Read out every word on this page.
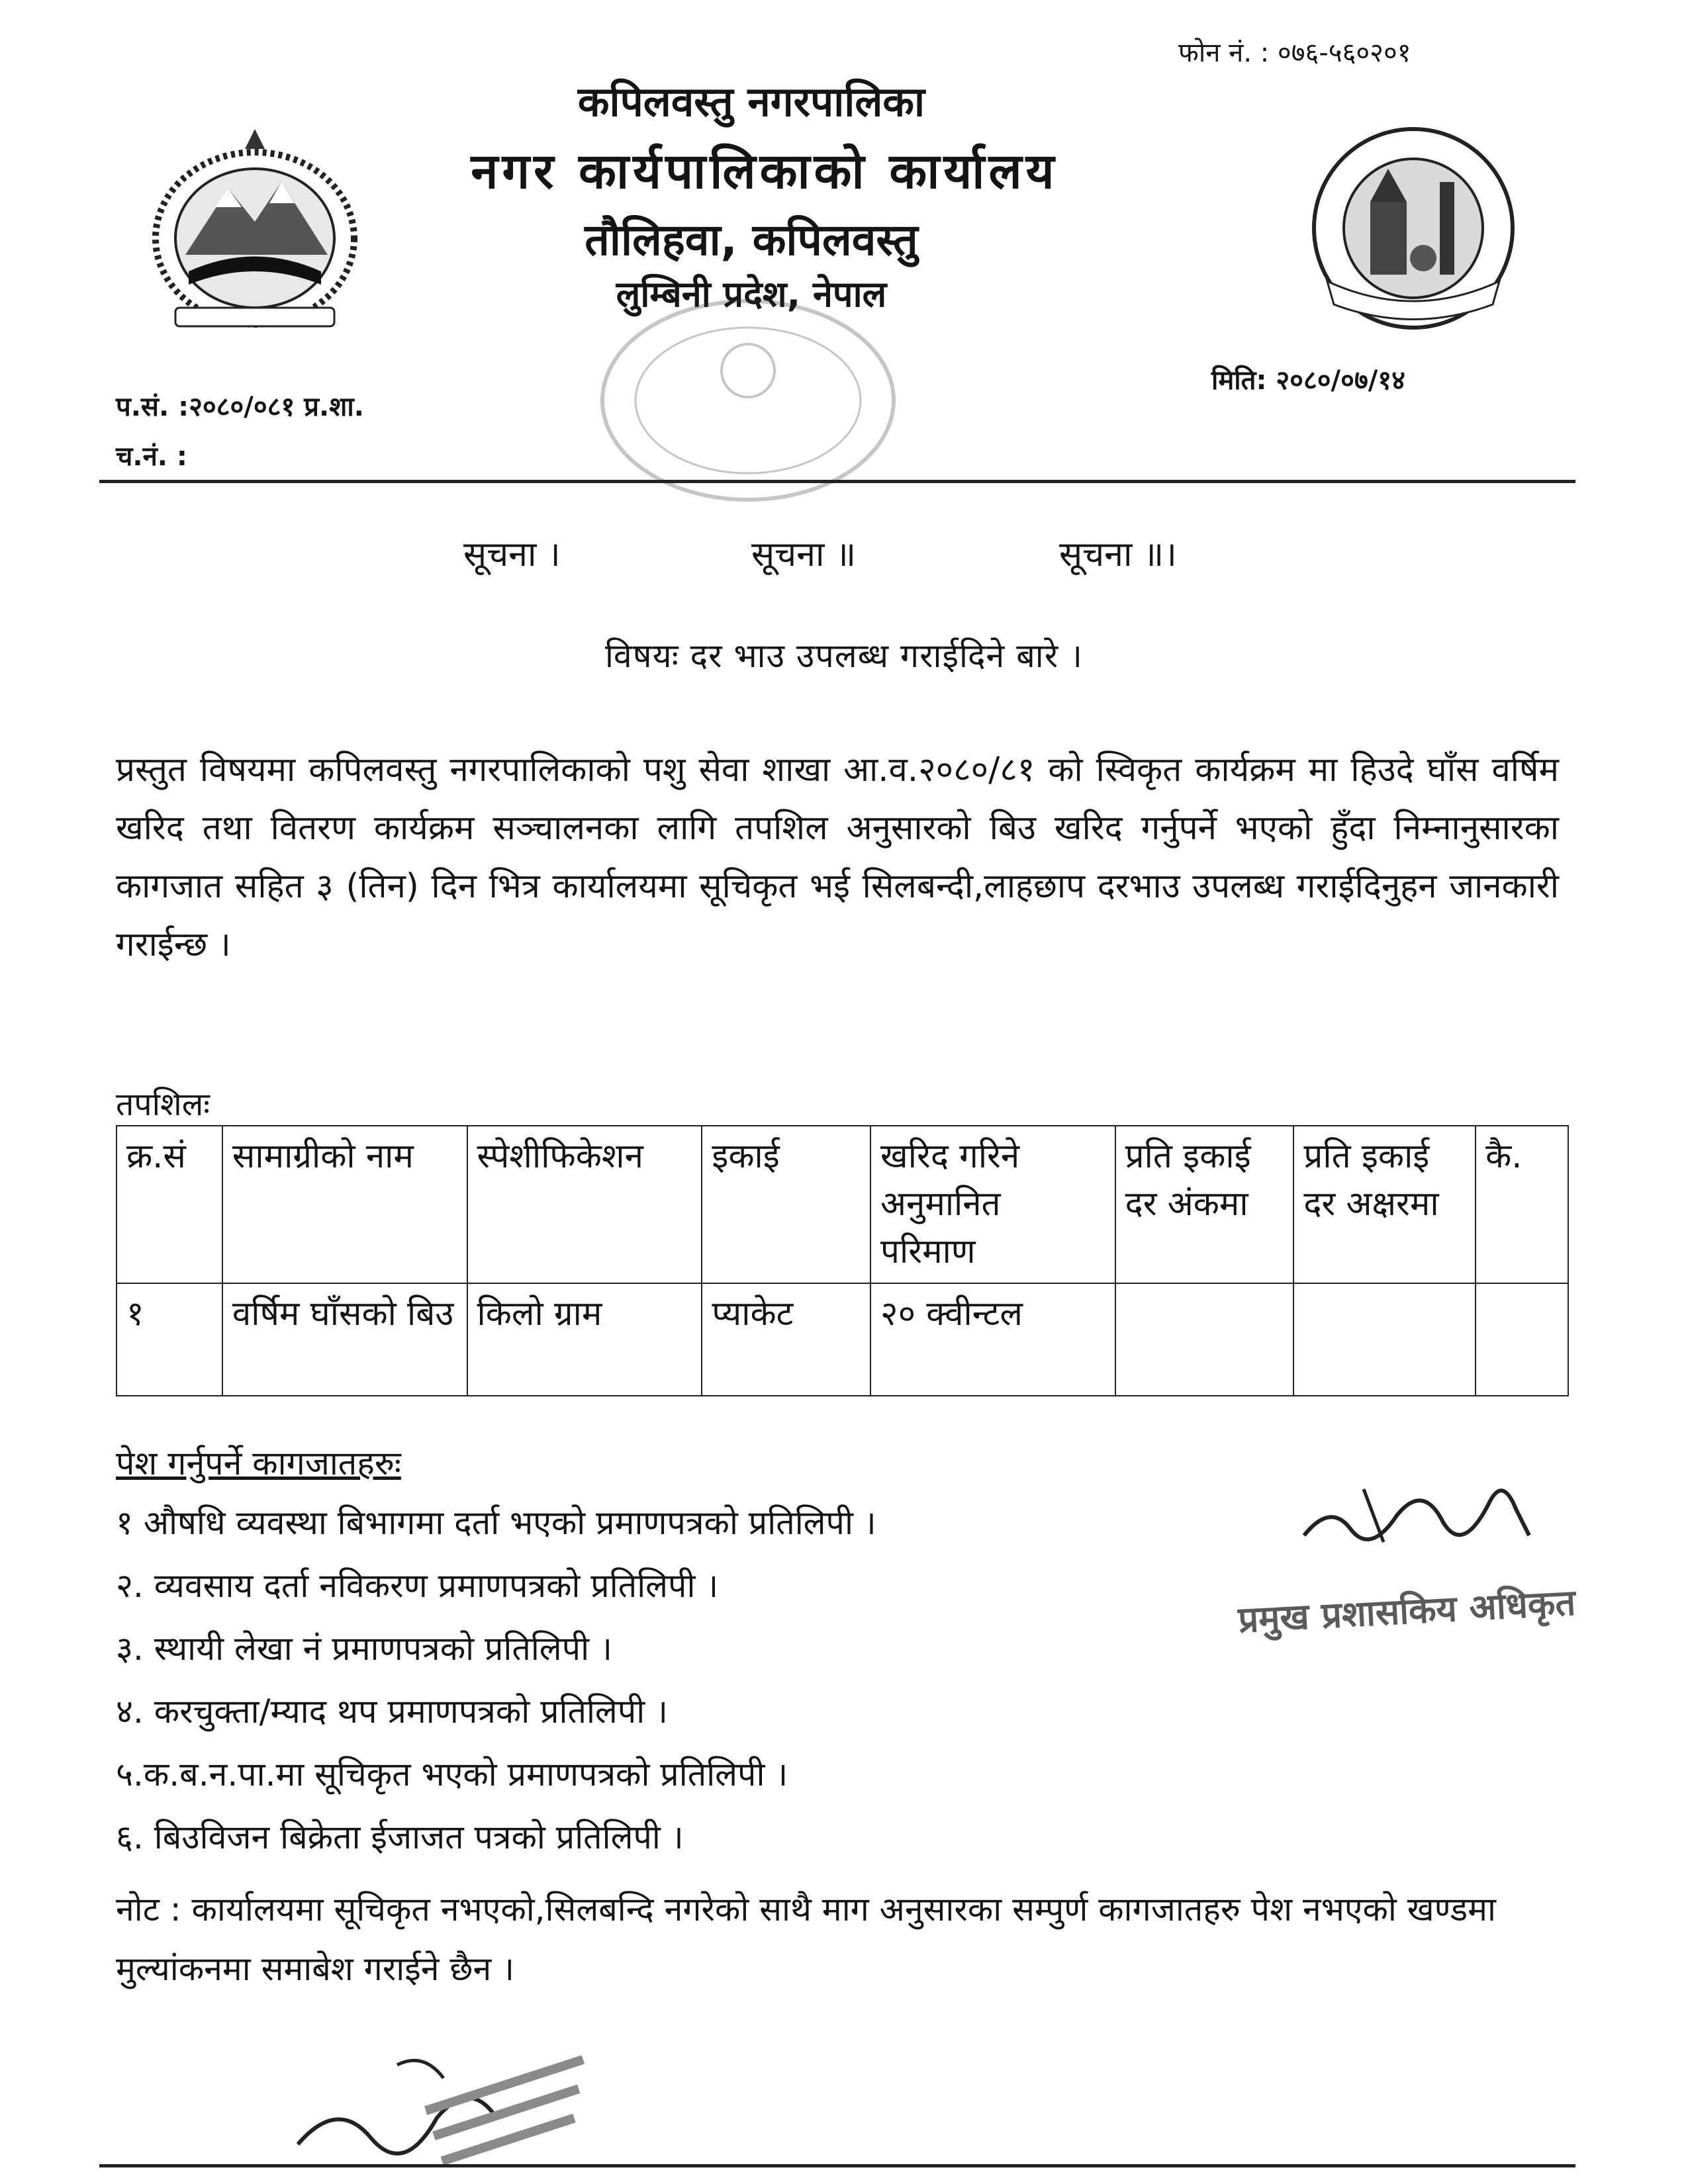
फोन नं. : ०७६-५६०२०१
कपिलवस्तु नगरपालिका
नगर कार्यपालिकाको कार्यालय
तौलिहवा, कपिलवस्तु
लुम्बिनी प्रदेश, नेपाल
प.सं. :२०८०/०८१ प्र.शा.
च.नं. :
मिति: २०८०/०७/१४
सूचना ।	सूचना ॥	सूचना ॥।
विषयः दर भाउ उपलब्ध गराईदिने बारे ।
प्रस्तुत विषयमा कपिलवस्तु नगरपालिकाको पशु सेवा शाखा आ.व.२०८०/८१ को स्विकृत कार्यक्रम मा हिउदे घाँस वर्षिम खरिद तथा वितरण कार्यक्रम सञ्चालनका लागि तपशिल अनुसारको बिउ खरिद गर्नुपर्ने भएको हुँदा निम्नानुसारका कागजात सहित ३ (तिन) दिन भित्र कार्यालयमा सूचिकृत भई सिलबन्दी,लाहछाप दरभाउ उपलब्ध गराईदिनुहन जानकारी गराईन्छ ।
तपशिलः
क्र.सं	सामाग्रीको नाम	स्पेशीफिकेशन	इकाई	खरिद गरिने अनुमानित परिमाण	प्रति इकाई दर अंकमा	प्रति इकाई दर अक्षरमा	कै.
१	वर्षिम घाँसको बिउ	किलो ग्राम	प्याकेट	२० क्वीन्टल			
पेश गर्नुपर्ने कागजातहरुः
१ औषधि व्यवस्था बिभागमा दर्ता भएको प्रमाणपत्रको प्रतिलिपी ।
२. व्यवसाय दर्ता नविकरण प्रमाणपत्रको प्रतिलिपी ।
३. स्थायी लेखा नं प्रमाणपत्रको प्रतिलिपी ।
४. करचुक्ता/म्याद थप प्रमाणपत्रको प्रतिलिपी ।
५.क.ब.न.पा.मा सूचिकृत भएको प्रमाणपत्रको प्रतिलिपी ।
६. बिउविजन बिक्रेता ईजाजत पत्रको प्रतिलिपी ।
नोट : कार्यालयमा सूचिकृत नभएको,सिलबन्दि नगरेको साथै माग अनुसारका सम्पुर्ण कागजातहरु पेश नभएको खण्डमा मुल्यांकनमा समाबेश गराईने छैन ।
प्रमुख प्रशासकिय अधिकृत
